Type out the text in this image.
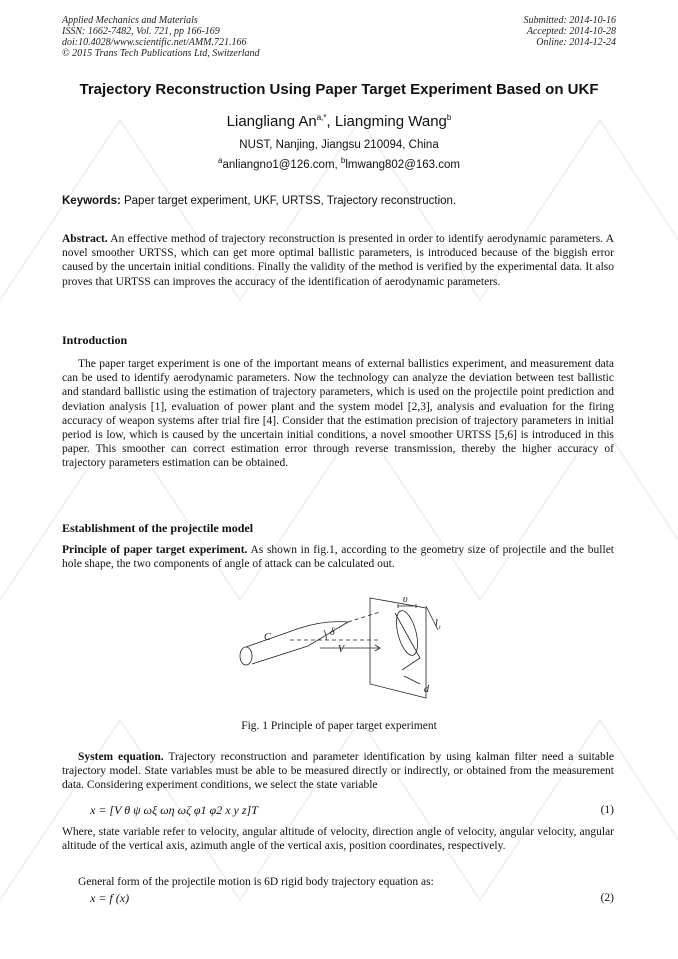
Applied Mechanics and Materials
ISSN: 1662-7482, Vol. 721, pp 166-169
doi:10.4028/www.scientific.net/AMM.721.166
© 2015 Trans Tech Publications Ltd, Switzerland
Submitted: 2014-10-16
Accepted: 2014-10-28
Online: 2014-12-24
Trajectory Reconstruction Using Paper Target Experiment Based on UKF
Liangliang $An^{a,*}$, Liangming Wang$^b$
NUST, Nanjing, Jiangsu 210094, China
$^a$anliangno1@126.com, $^b$lmwang802@163.com
Keywords: Paper target experiment, UKF, URTSS, Trajectory reconstruction.
Abstract. An effective method of trajectory reconstruction is presented in order to identify aerodynamic parameters. A novel smoother URTSS, which can get more optimal ballistic parameters, is introduced because of the biggish error caused by the uncertain initial conditions. Finally the validity of the method is verified by the experimental data. It also proves that URTSS can improves the accuracy of the identification of aerodynamic parameters.
Introduction
The paper target experiment is one of the important means of external ballistics experiment, and measurement data can be used to identify aerodynamic parameters. Now the technology can analyze the deviation between test ballistic and standard ballistic using the estimation of trajectory parameters, which is used on the projectile point prediction and deviation analysis [1], evaluation of power plant and the system model [2,3], analysis and evaluation for the firing accuracy of weapon systems after trial fire [4]. Consider that the estimation precision of trajectory parameters in initial period is low, which is caused by the uncertain initial conditions, a novel smoother URTSS [5,6] is introduced in this paper. This smoother can correct estimation error through reverse transmission, thereby the higher accuracy of trajectory parameters estimation can be obtained.
Establishment of the projectile model
Principle of paper target experiment. As shown in fig.1, according to the geometry size of projectile and the bullet hole shape, the two components of angle of attack can be calculated out.
C	δ
V
υ
l t
d
Fig. 1 Principle of paper target experiment
System equation. Trajectory reconstruction and parameter identification by using kalman filter need a suitable trajectory model. State variables must be able to be measured directly or indirectly, or obtained from the measurement data. Considering experiment conditions, we select the state variable
x = [V θ ψ ωξ ωη ωζ φ1 φ2 x y z]T	(1)
Where, state variable refer to velocity, angular altitude of velocity, direction angle of velocity, angular velocity, angular altitude of the vertical axis, azimuth angle of the vertical axis, position coordinates, respectively.
General form of the projectile motion is 6D rigid body trajectory equation as:
x = f (x)	(2)
